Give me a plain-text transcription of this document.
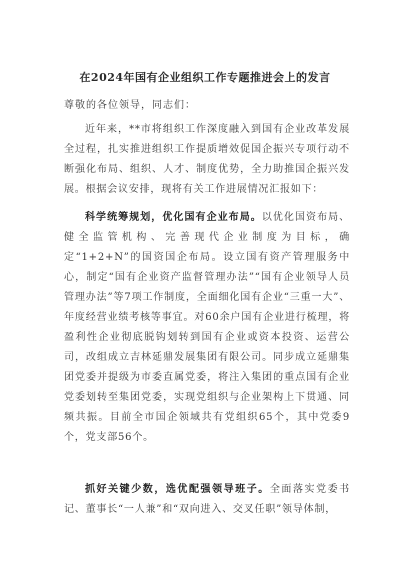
在2024年国有企业组织工作专题推进会上的发言
尊敬的各位领导，同志们：

近年来，**市将组织工作深度融入到国有企业改革发展全过程，扎实推进组织工作提质增效促国企振兴专项行动不断强化布局、组织、人才、制度优势，全力助推国企振兴发展。根据会议安排，现将有关工作进展情况汇报如下：

科学统筹规划，优化国有企业布局。以优化国资布局、健全监管机构、完善现代企业制度为目标，确定“1+2+N”的国资国企布局。设立国有资产管理服务中心，制定“国有企业资产监督管理办法”“国有企业领导人员管理办法”等7项工作制度，全面细化国有企业“三重一大”、年度经营业绩考核等事宜。对60余户国有企业进行梳理，将盈利性企业彻底脱钩划转到国有企业或资本投资、运营公司，改组成立吉林延鼎发展集团有限公司。同步成立延鼎集团党委并提级为市委直属党委，将注入集团的重点国有企业党委划转至集团党委，实现党组织与企业架构上下贯通、同频共振。目前全市国企领域共有党组织65个，其中党委9个，党支部56个。

抓好关键少数，选优配强领导班子。全面落实党委书记、董事长“一人兼”和“双向进入、交叉任职”领导体制，
